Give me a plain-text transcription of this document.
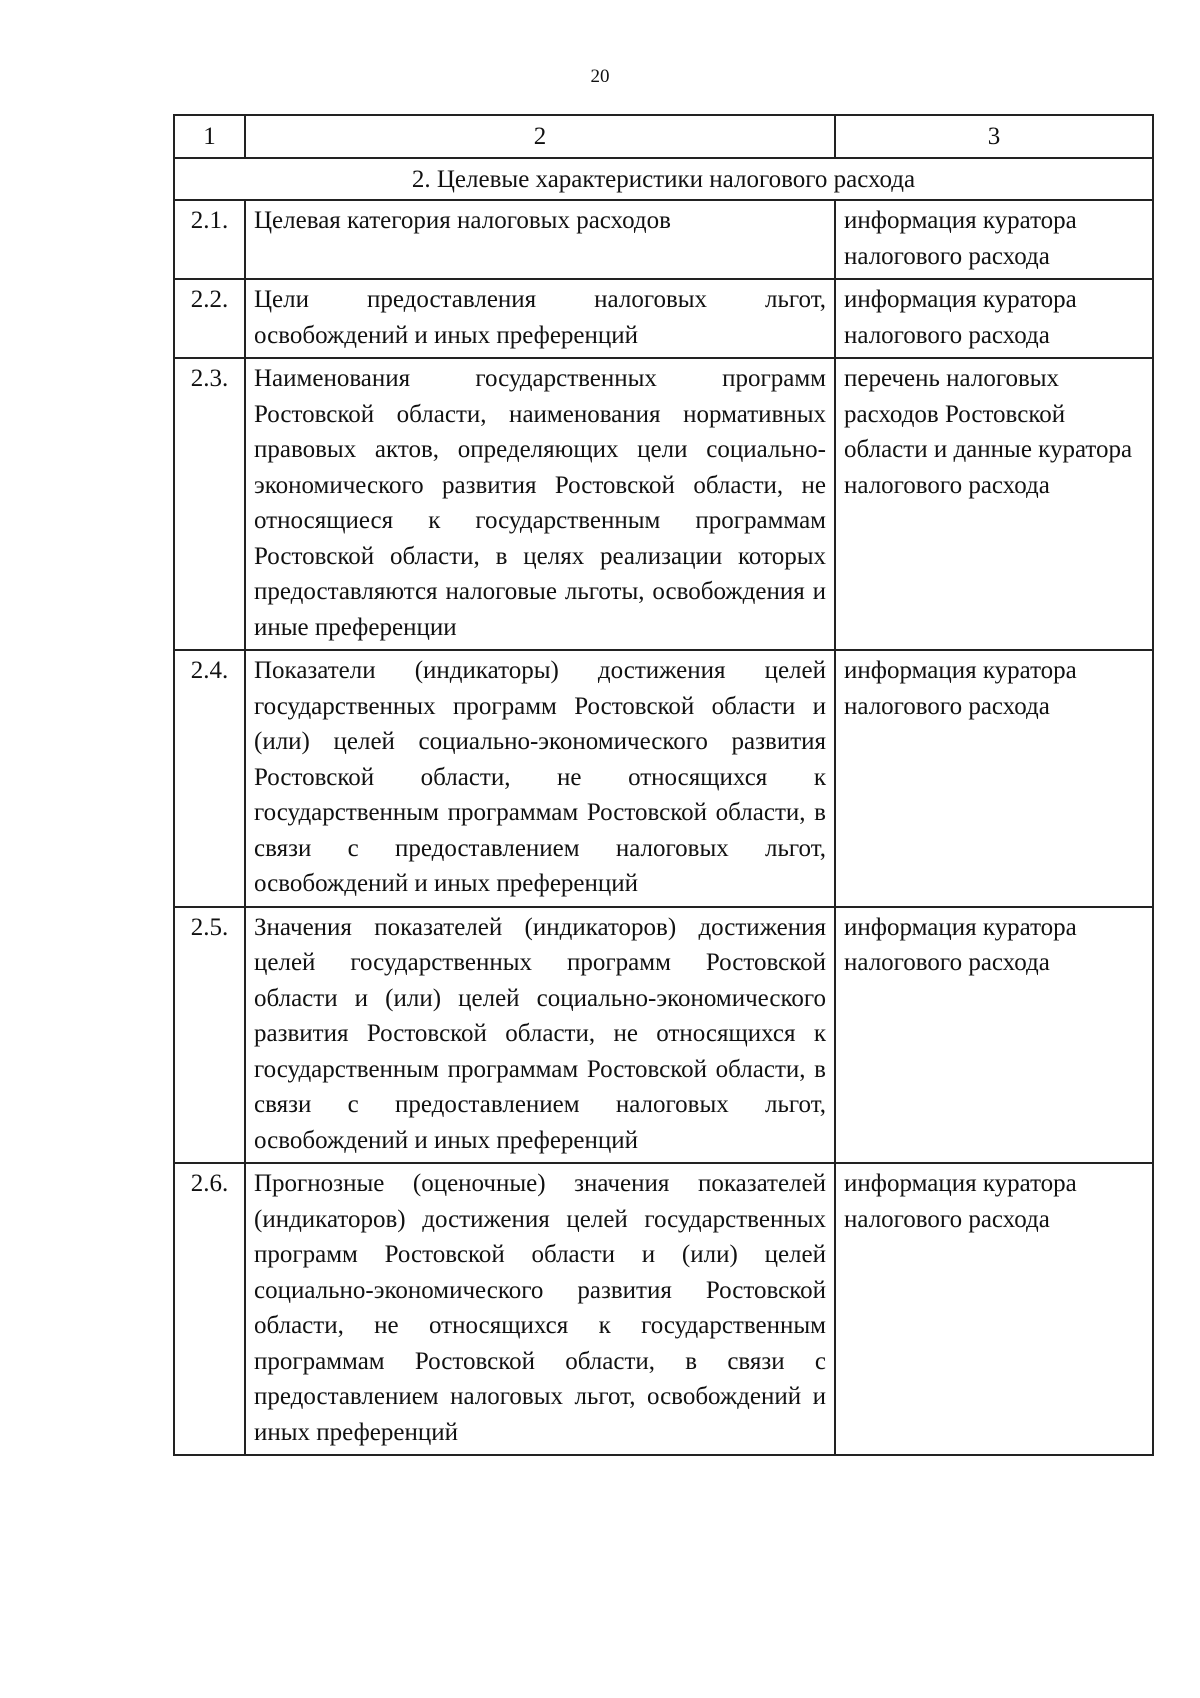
20
1	2	3
2. Целевые характеристики налогового расхода		
2.1.	Целевая категория налоговых расходов	информация куратора налогового расхода
2.2.	Цели предоставления налоговых льгот, освобождений и иных преференций	информация куратора налогового расхода
2.3.	Наименования государственных программ Ростовской области, наименования нормативных правовых актов, определяющих цели социально-экономического развития Ростовской области, не относящиеся к государственным программам Ростовской области, в целях реализации которых предоставляются налоговые льготы, освобождения и иные преференции	перечень налоговых расходов Ростовской области и данные куратора налогового расхода
2.4.	Показатели (индикаторы) достижения целей государственных программ Ростовской области и (или) целей социально-экономического развития Ростовской области, не относящихся к государственным программам Ростовской области, в связи с предоставлением налоговых льгот, освобождений и иных преференций	информация куратора налогового расхода
2.5.	Значения показателей (индикаторов) достижения целей государственных программ Ростовской области и (или) целей социально-экономического развития Ростовской области, не относящихся к государственным программам Ростовской области, в связи с предоставлением налоговых льгот, освобождений и иных преференций	информация куратора налогового расхода
2.6.	Прогнозные (оценочные) значения показателей (индикаторов) достижения целей государственных программ Ростовской области и (или) целей социально-экономического развития Ростовской области, не относящихся к государственным программам Ростовской области, в связи с предоставлением налоговых льгот, освобождений и иных преференций	информация куратора налогового расхода
